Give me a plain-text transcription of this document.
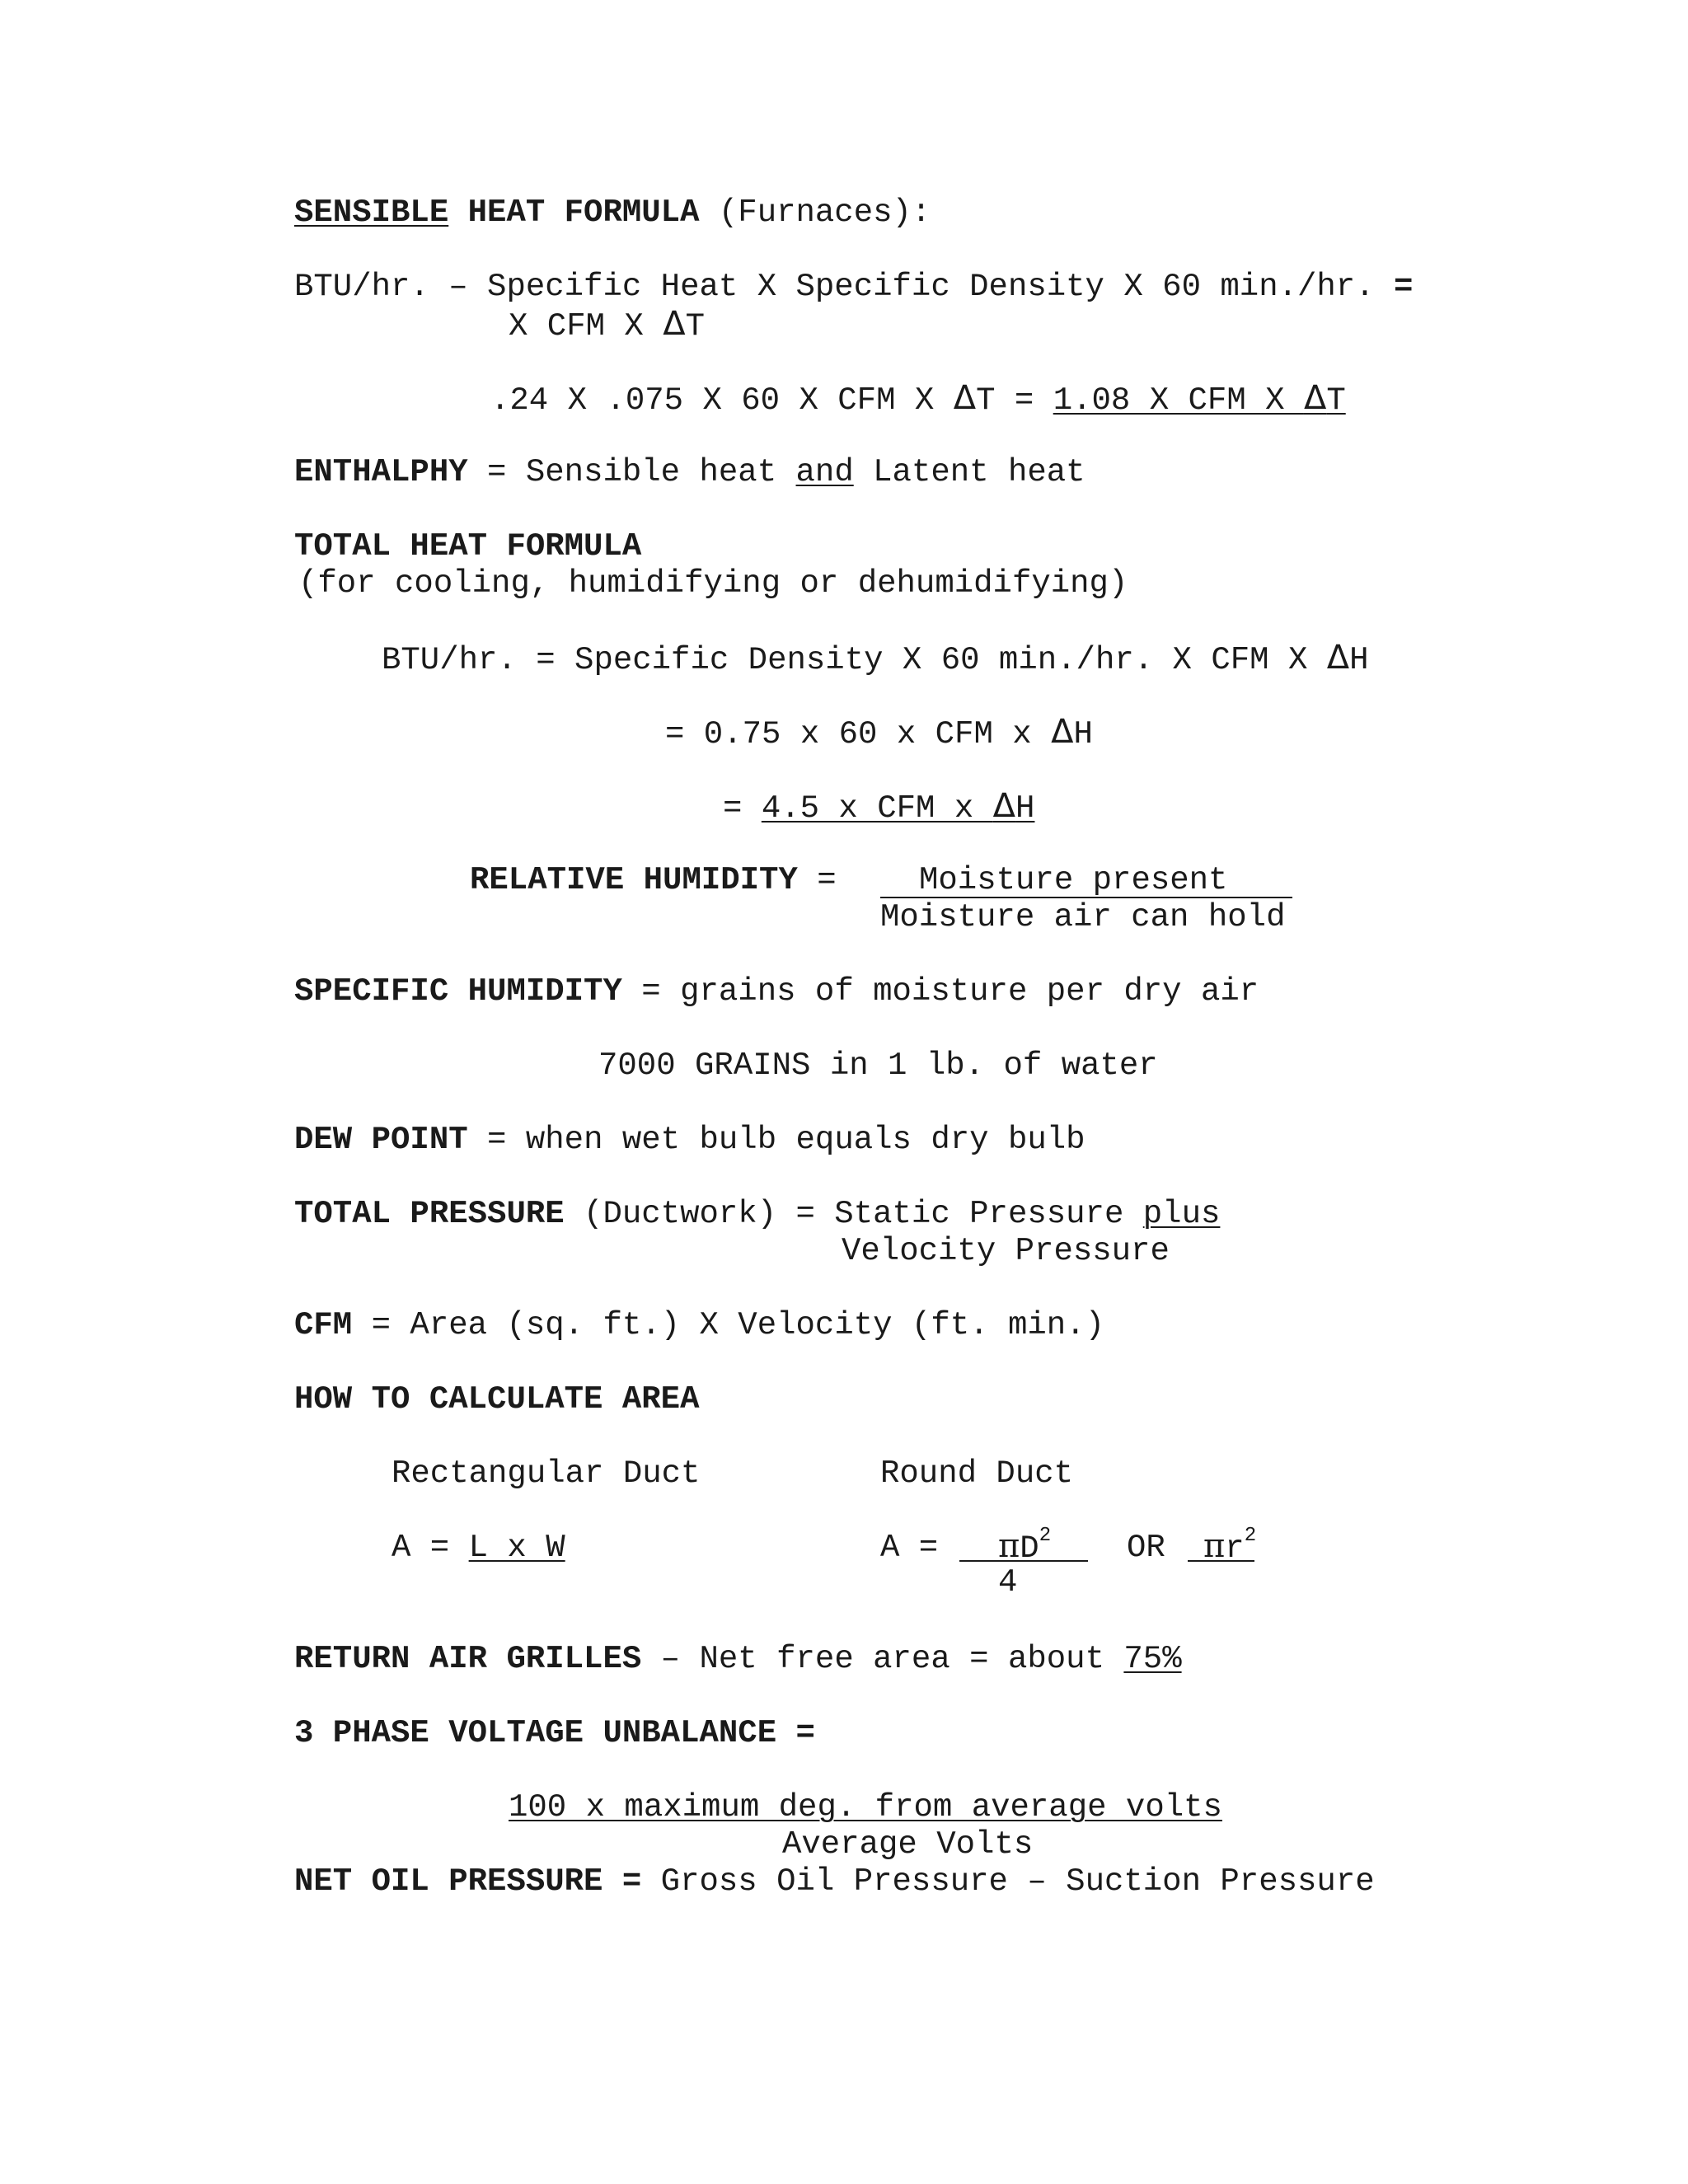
SENSIBLE HEAT FORMULA (Furnaces):
BTU/hr. – Specific Heat X Specific Density X 60 min./hr. =
X CFM X ΔT
.24 X .075 X 60 X CFM X ΔT = 1.08 X CFM X ΔT
ENTHALPHY = Sensible heat and Latent heat
TOTAL HEAT FORMULA
(for cooling, humidifying or dehumidifying)
BTU/hr. = Specific Density X 60 min./hr. X CFM X ΔH
= 0.75 x 60 x CFM x ΔH
= 4.5 x CFM x ΔH
RELATIVE HUMIDITY =	Moisture present
Moisture air can hold
SPECIFIC HUMIDITY = grains of moisture per dry air
7000 GRAINS in 1 lb. of water
DEW POINT = when wet bulb equals dry bulb
TOTAL PRESSURE (Ductwork) = Static Pressure plus
Velocity Pressure
CFM = Area (sq. ft.) X Velocity (ft. min.)
HOW TO CALCULATE AREA
Rectangular Duct	Round Duct
A = L x W	$A = \pi D^2$
4
OR $\pi r^2$
RETURN AIR GRILLES – Net free area = about 75%
3 PHASE VOLTAGE UNBALANCE =
100 x maximum deg. from average volts
Average Volts
NET OIL PRESSURE = Gross Oil Pressure – Suction Pressure
